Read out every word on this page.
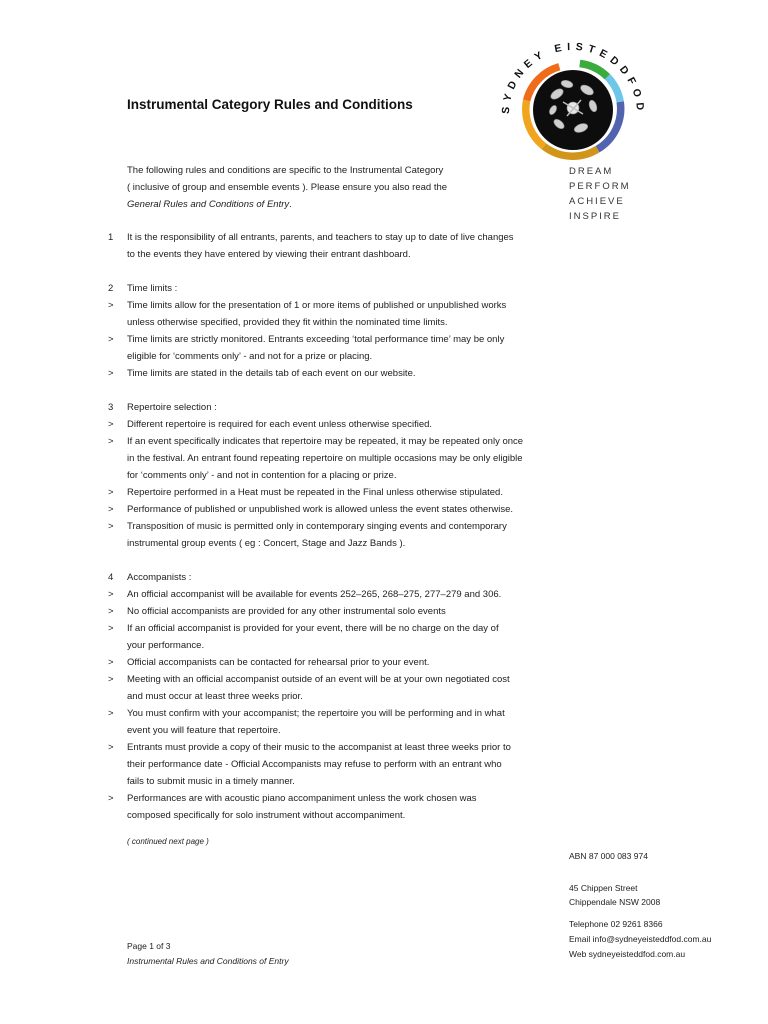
Instrumental Category Rules and Conditions	SYDNEY EISTEDDFOD
DREAM
PERFORM
ACHIEVE
INSPIRE
The following rules and conditions are specific to the Instrumental Category
( inclusive of group and ensemble events ). Please ensure you also read the
General Rules and Conditions of Entry.
1	It is the responsibility of all entrants, parents, and teachers to stay up to date of live changes
to the events they have entered by viewing their entrant dashboard.
2	Time limits :
>	Time limits allow for the presentation of 1 or more items of published or unpublished works
unless otherwise specified, provided they fit within the nominated time limits.
>	Time limits are strictly monitored. Entrants exceeding ‘total performance time’ may be only
eligible for ‘comments only’ - and not for a prize or placing.
>	Time limits are stated in the details tab of each event on our website.
3	Repertoire selection :
>	Different repertoire is required for each event unless otherwise specified.
>	If an event specifically indicates that repertoire may be repeated, it may be repeated only once
in the festival. An entrant found repeating repertoire on multiple occasions may be only eligible
for ‘comments only’ - and not in contention for a placing or prize.
>	Repertoire performed in a Heat must be repeated in the Final unless otherwise stipulated.
>	Performance of published or unpublished work is allowed unless the event states otherwise.
>	Transposition of music is permitted only in contemporary singing events and contemporary
instrumental group events ( eg : Concert, Stage and Jazz Bands ).
4	Accompanists :
>	An official accompanist will be available for events 252–265, 268–275, 277–279 and 306.
>	No official accompanists are provided for any other instrumental solo events
>	If an official accompanist is provided for your event, there will be no charge on the day of
your performance.
>	Official accompanists can be contacted for rehearsal prior to your event.
>	Meeting with an official accompanist outside of an event will be at your own negotiated cost
and must occur at least three weeks prior.
>	You must confirm with your accompanist; the repertoire you will be performing and in what
event you will feature that repertoire.
>	Entrants must provide a copy of their music to the accompanist at least three weeks prior to
their performance date - Official Accompanists may refuse to perform with an entrant who
fails to submit music in a timely manner.
>	Performances are with acoustic piano accompaniment unless the work chosen was
composed specifically for solo instrument without accompaniment.
( continued next page )
ABN 87 000 083 974
45 Chippen Street
Chippendale NSW 2008
Telephone 02 9261 8366
Email info@sydneyeisteddfod.com.au
Web sydneyeisteddfod.com.au
Page 1 of 3
Instrumental Rules and Conditions of Entry
